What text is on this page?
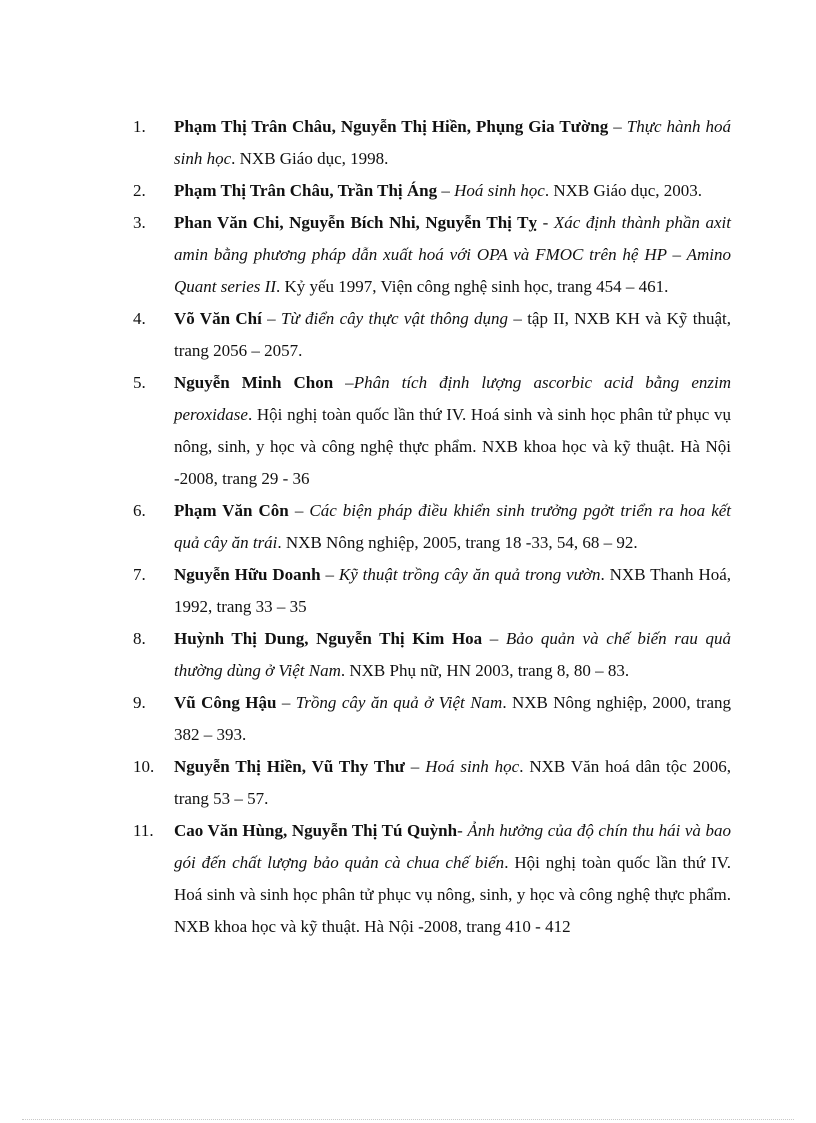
1.	Phạm Thị Trân Châu, Nguyễn Thị Hiền, Phụng Gia Tường – Thực hành hoá sinh học. NXB Giáo dục, 1998.
2.	Phạm Thị Trân Châu, Trần Thị Áng – Hoá sinh học. NXB Giáo dục, 2003.
3.	Phan Văn Chi, Nguyễn Bích Nhi, Nguyễn Thị Tỵ - Xác định thành phần axit amin bằng phương pháp dẫn xuất hoá với OPA và FMOC trên hệ HP – Amino Quant series II. Kỷ yếu 1997, Viện công nghệ sinh học, trang 454 – 461.
4.	Võ Văn Chí – Từ điển cây thực vật thông dụng – tập II, NXB KH và Kỹ thuật, trang 2056 – 2057.
5.	Nguyễn Minh Chon –Phân tích định lượng ascorbic acid bằng enzim peroxidase. Hội nghị toàn quốc lần thứ IV. Hoá sinh và sinh học phân tử phục vụ nông, sinh, y học và công nghệ thực phẩm. NXB khoa học và kỹ thuật. Hà Nội -2008, trang 29 - 36
6.	Phạm Văn Côn – Các biện pháp điều khiển sinh trưởng pgởt triển ra hoa kết quả cây ăn trái. NXB Nông nghiệp, 2005, trang 18 -33, 54, 68 – 92.
7.	Nguyễn Hữu Doanh – Kỹ thuật trồng cây ăn quả trong vườn. NXB Thanh Hoá, 1992, trang 33 – 35
8.	Huỳnh Thị Dung, Nguyễn Thị Kim Hoa – Bảo quản và chế biến rau quả thường dùng ở Việt Nam. NXB Phụ nữ, HN 2003, trang 8, 80 – 83.
9.	Vũ Công Hậu – Trồng cây ăn quả ở Việt Nam. NXB Nông nghiệp, 2000, trang 382 – 393.
10.	Nguyễn Thị Hiền, Vũ Thy Thư – Hoá sinh học. NXB Văn hoá dân tộc 2006, trang 53 – 57.
11.	Cao Văn Hùng, Nguyễn Thị Tú Quỳnh- Ảnh hưởng của độ chín thu hái và bao gói đến chất lượng bảo quản cà chua chế biến. Hội nghị toàn quốc lần thứ IV. Hoá sinh và sinh học phân tử phục vụ nông, sinh, y học và công nghệ thực phẩm. NXB khoa học và kỹ thuật. Hà Nội -2008, trang 410 - 412
